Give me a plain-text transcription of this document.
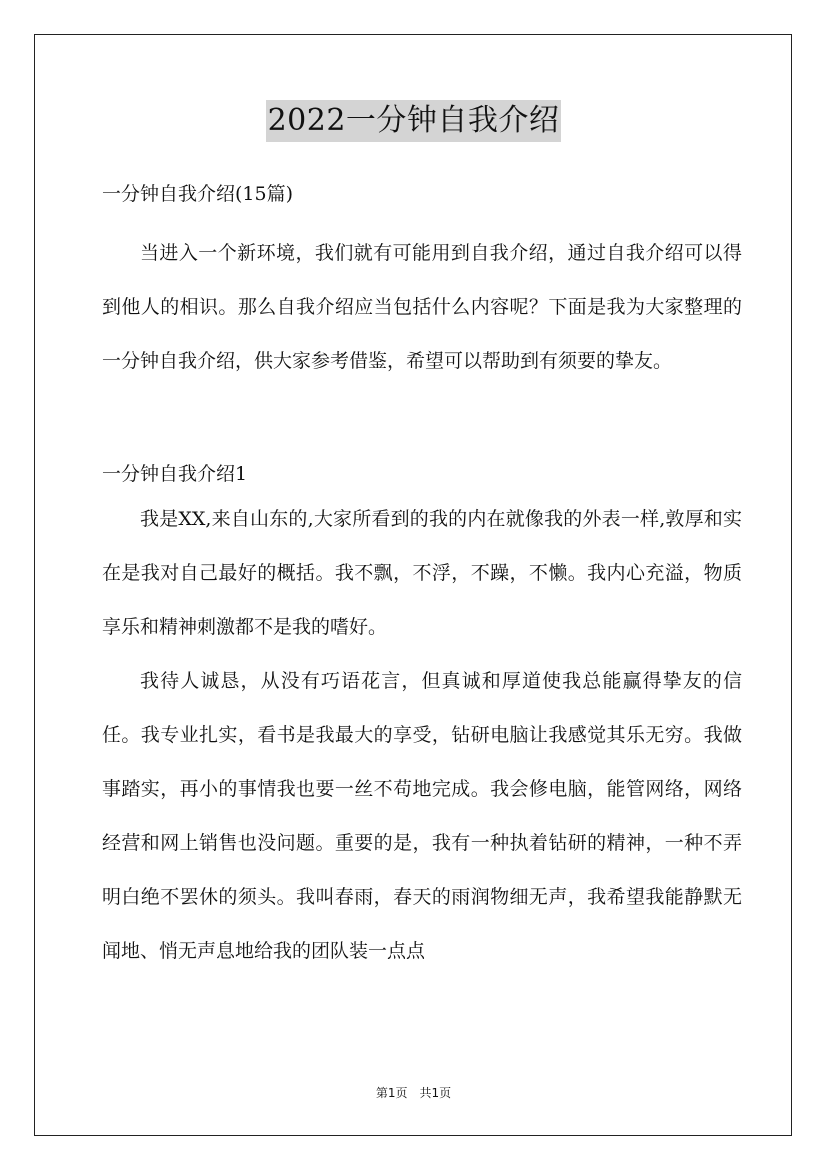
2022一分钟自我介绍

一分钟自我介绍(15篇)

当进入一个新环境，我们就有可能用到自我介绍，通过自我介绍可以得到他人的相识。那么自我介绍应当包括什么内容呢？下面是我为大家整理的一分钟自我介绍，供大家参考借鉴，希望可以帮助到有须要的挚友。

一分钟自我介绍1

我是XX,来自山东的,大家所看到的我的内在就像我的外表一样,敦厚和实在是我对自己最好的概括。我不飘，不浮，不躁，不懒。我内心充溢，物质享乐和精神刺激都不是我的嗜好。

我待人诚恳，从没有巧语花言，但真诚和厚道使我总能赢得挚友的信任。我专业扎实，看书是我最大的享受，钻研电脑让我感觉其乐无穷。我做事踏实，再小的事情我也要一丝不苟地完成。我会修电脑，能管网络，网络经营和网上销售也没问题。重要的是，我有一种执着钻研的精神，一种不弄明白绝不罢休的须头。我叫春雨，春天的雨润物细无声，我希望我能静默无闻地、悄无声息地给我的团队装一点点

第1页 共1页
